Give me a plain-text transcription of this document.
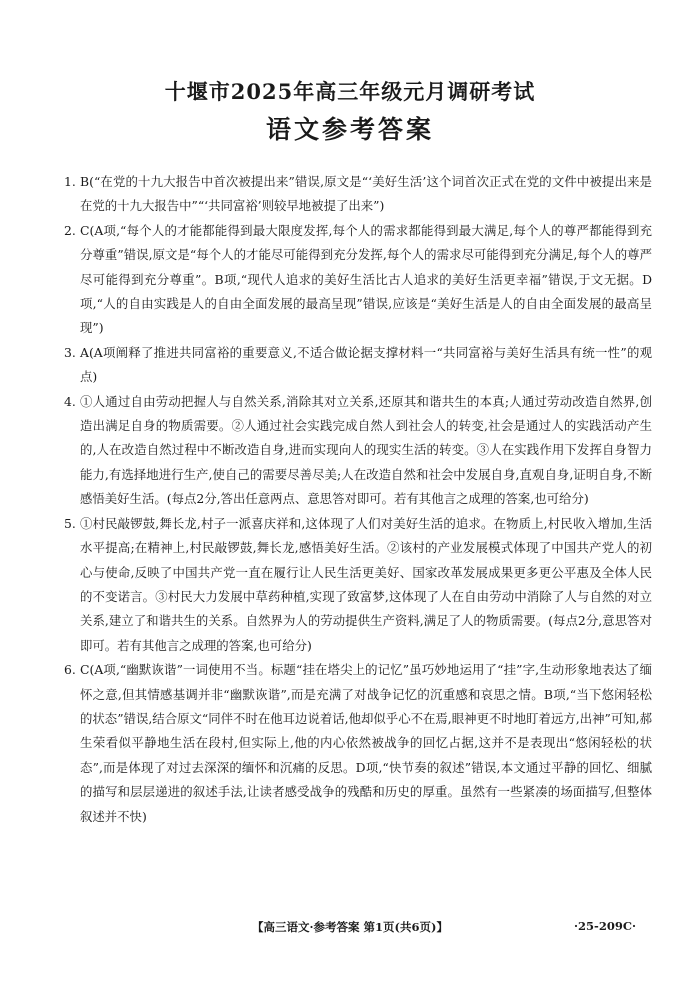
十堰市2025年高三年级元月调研考试
语文参考答案
1. B(“在党的十九大报告中首次被提出来”错误,原文是“‘美好生活’这个词首次正式在党的文件中被提出来是在党的十九大报告中”“‘共同富裕’则较早地被提了出来”)
2. C(A项,“每个人的才能都能得到最大限度发挥,每个人的需求都能得到最大满足,每个人的尊严都能得到充分尊重”错误,原文是“每个人的才能尽可能得到充分发挥,每个人的需求尽可能得到充分满足,每个人的尊严尽可能得到充分尊重”。B项,“现代人追求的美好生活比古人追求的美好生活更幸福”错误,于文无据。D项,“人的自由实践是人的自由全面发展的最高呈现”错误,应该是“美好生活是人的自由全面发展的最高呈现”)
3. A(A项阐释了推进共同富裕的重要意义,不适合做论据支撑材料一“共同富裕与美好生活具有统一性”的观点)
4. ①人通过自由劳动把握人与自然关系,消除其对立关系,还原其和谐共生的本真;人通过劳动改造自然界,创造出满足自身的物质需要。②人通过社会实践完成自然人到社会人的转变,社会是通过人的实践活动产生的,人在改造自然过程中不断改造自身,进而实现向人的现实生活的转变。③人在实践作用下发挥自身智力能力,有选择地进行生产,使自己的需要尽善尽美;人在改造自然和社会中发展自身,直观自身,证明自身,不断感悟美好生活。(每点2分,答出任意两点、意思答对即可。若有其他言之成理的答案,也可给分)
5. ①村民敲锣鼓,舞长龙,村子一派喜庆祥和,这体现了人们对美好生活的追求。在物质上,村民收入增加,生活水平提高;在精神上,村民敲锣鼓,舞长龙,感悟美好生活。②该村的产业发展模式体现了中国共产党人的初心与使命,反映了中国共产党一直在履行让人民生活更美好、国家改革发展成果更多更公平惠及全体人民的不变诺言。③村民大力发展中草药种植,实现了致富梦,这体现了人在自由劳动中消除了人与自然的对立关系,建立了和谐共生的关系。自然界为人的劳动提供生产资料,满足了人的物质需要。(每点2分,意思答对即可。若有其他言之成理的答案,也可给分)
6. C(A项,“幽默诙谐”一词使用不当。标题“挂在塔尖上的记忆”虽巧妙地运用了“挂”字,生动形象地表达了缅怀之意,但其情感基调并非“幽默诙谐”,而是充满了对战争记忆的沉重感和哀思之情。B项,“当下悠闲轻松的状态”错误,结合原文“同伴不时在他耳边说着话,他却似乎心不在焉,眼神更不时地盯着远方,出神”可知,郝生荣看似平静地生活在段村,但实际上,他的内心依然被战争的回忆占据,这并不是表现出“悠闲轻松的状态”,而是体现了对过去深深的缅怀和沉痛的反思。D项,“快节奏的叙述”错误,本文通过平静的回忆、细腻的描写和层层递进的叙述手法,让读者感受战争的残酷和历史的厚重。虽然有一些紧凑的场面描写,但整体叙述并不快)
【高三语文·参考答案 第1页(共6页)】	·25-209C·
